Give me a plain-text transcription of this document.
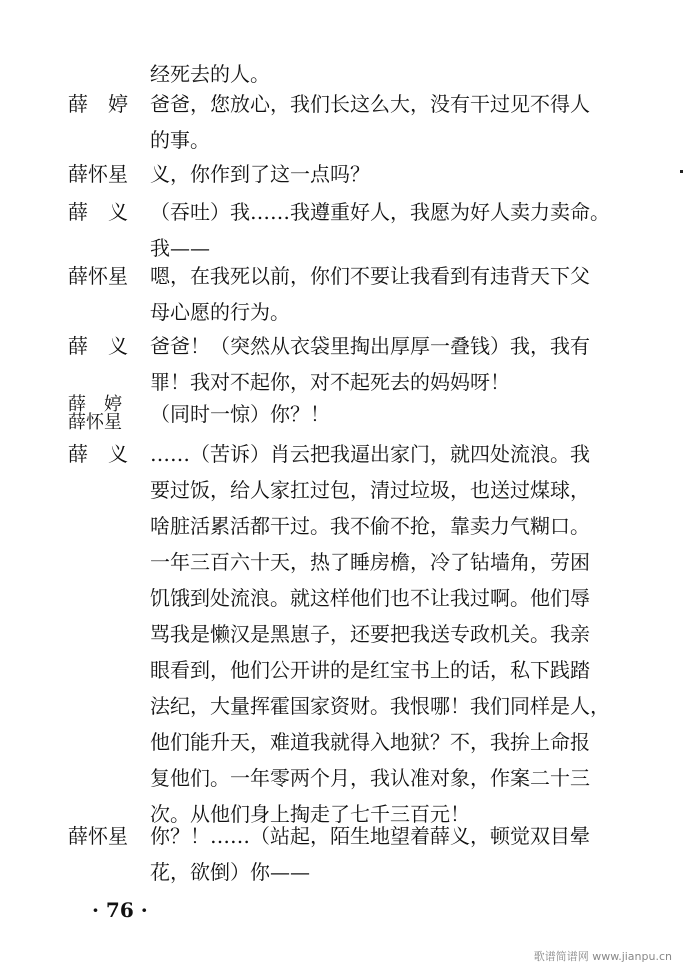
经死去的人。
薛　婷	爸爸，您放心，我们长这么大，没有干过见不得人
的事。
薛怀星	义，你作到了这一点吗？
薛　义	（吞吐）我……我遵重好人，我愿为好人卖力卖命。
我——
薛怀星	嗯，在我死以前，你们不要让我看到有违背天下父
母心愿的行为。
薛　义	爸爸！（突然从衣袋里掏出厚厚一叠钱）我，我有
罪！我对不起你，对不起死去的妈妈呀！
薛　婷
薛怀星	（同时一惊）你？！
薛　义	……（苦诉）肖云把我逼出家门，就四处流浪。我
要过饭，给人家扛过包，清过垃圾，也送过煤球，
啥脏活累活都干过。我不偷不抢，靠卖力气糊口。
一年三百六十天，热了睡房檐，冷了钻墙角，劳困
饥饿到处流浪。就这样他们也不让我过啊。他们辱
骂我是懒汉是黑崽子，还要把我送专政机关。我亲
眼看到，他们公开讲的是红宝书上的话，私下践踏
法纪，大量挥霍国家资财。我恨哪！我们同样是人，
他们能升天，难道我就得入地狱？不，我拚上命报
复他们。一年零两个月，我认准对象，作案二十三
次。从他们身上掏走了七千三百元！
薛怀星	你？！……（站起，陌生地望着薛义，顿觉双目晕
花，欲倒）你——
· 76 ·
歌谱简谱网 www.jianpu.cn
